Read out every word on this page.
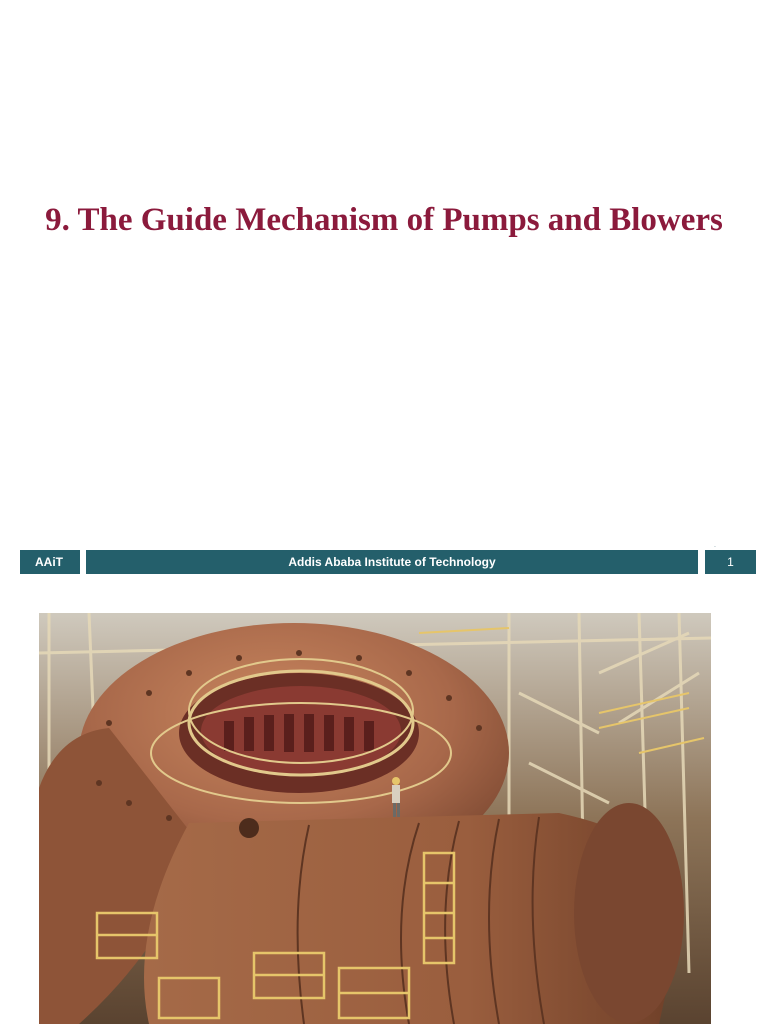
9. The Guide Mechanism of Pumps and Blowers
.
AAiT	Addis Ababa Institute of Technology	1
